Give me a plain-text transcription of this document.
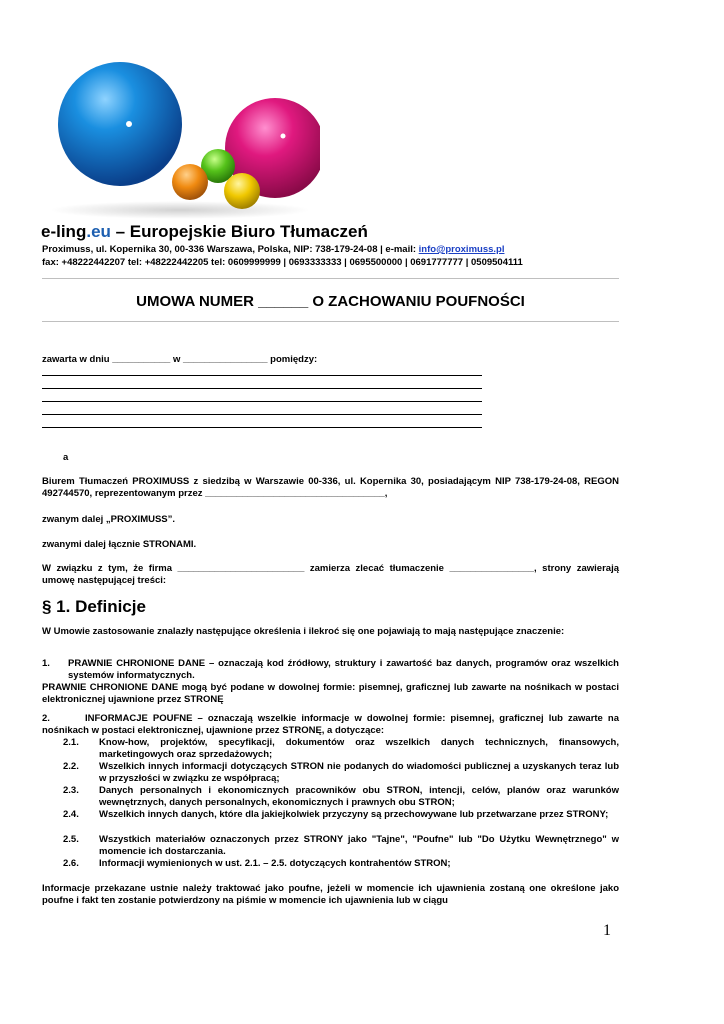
e-ling.eu – Europejskie Biuro Tłumaczeń
Proximuss, ul. Kopernika 30, 00-336 Warszawa, Polska, NIP: 738-179-24-08 | e-mail: info@proximuss.pl
fax: +48222442207 tel: +48222442205 tel: 0609999999 | 0693333333 | 0695500000 | 0691777777 | 0509504111
UMOWA NUMER ______ O ZACHOWANIU POUFNOŚCI
zawarta w dniu ___________ w ________________ pomiędzy:
a
Biurem Tłumaczeń PROXIMUSS z siedzibą w Warszawie 00-336, ul. Kopernika 30, posiadającym NIP 738-179-24-08, REGON 492744570, reprezentowanym przez __________________________________,
zwanym dalej „PROXIMUSS”.
zwanymi dalej łącznie STRONAMI.
W związku z tym, że firma ________________________ zamierza zlecać tłumaczenie ________________, strony zawierają umowę następującej treści:
§ 1. Definicje
W Umowie zastosowanie znalazły następujące określenia i ilekroć się one pojawiają to mają następujące znaczenie:
1. PRAWNIE CHRONIONE DANE – oznaczają kod źródłowy, struktury i zawartość baz danych, programów oraz wszelkich systemów informatycznych.
PRAWNIE CHRONIONE DANE mogą być podane w dowolnej formie: pisemnej, graficznej lub zawarte na nośnikach w postaci elektronicznej ujawnione przez STRONĘ
2.	INFORMACJE POUFNE – oznaczają wszelkie informacje w dowolnej formie: pisemnej, graficznej lub zawarte na nośnikach w postaci elektronicznej, ujawnione przez STRONĘ, a dotyczące:
2.1. Know-how, projektów, specyfikacji, dokumentów oraz wszelkich danych technicznych, finansowych, marketingowych oraz sprzedażowych;
2.2. Wszelkich innych informacji dotyczących STRON nie podanych do wiadomości publicznej a uzyskanych teraz lub w przyszłości w związku ze współpracą;
2.3. Danych personalnych i ekonomicznych pracowników obu STRON, intencji, celów, planów oraz warunków wewnętrznych, danych personalnych, ekonomicznych i prawnych obu STRON;
2.4. Wszelkich innych danych, które dla jakiejkolwiek przyczyny są przechowywane lub przetwarzane przez STRONY;
2.5. Wszystkich materiałów oznaczonych przez STRONY jako "Tajne", "Poufne" lub "Do Użytku Wewnętrznego" w momencie ich dostarczania.
2.6. Informacji wymienionych w ust. 2.1. – 2.5. dotyczących kontrahentów STRON;
Informacje przekazane ustnie należy traktować jako poufne, jeżeli w momencie ich ujawnienia zostaną one określone jako poufne i fakt ten zostanie potwierdzony na piśmie w momencie ich ujawnienia lub w ciągu
1
